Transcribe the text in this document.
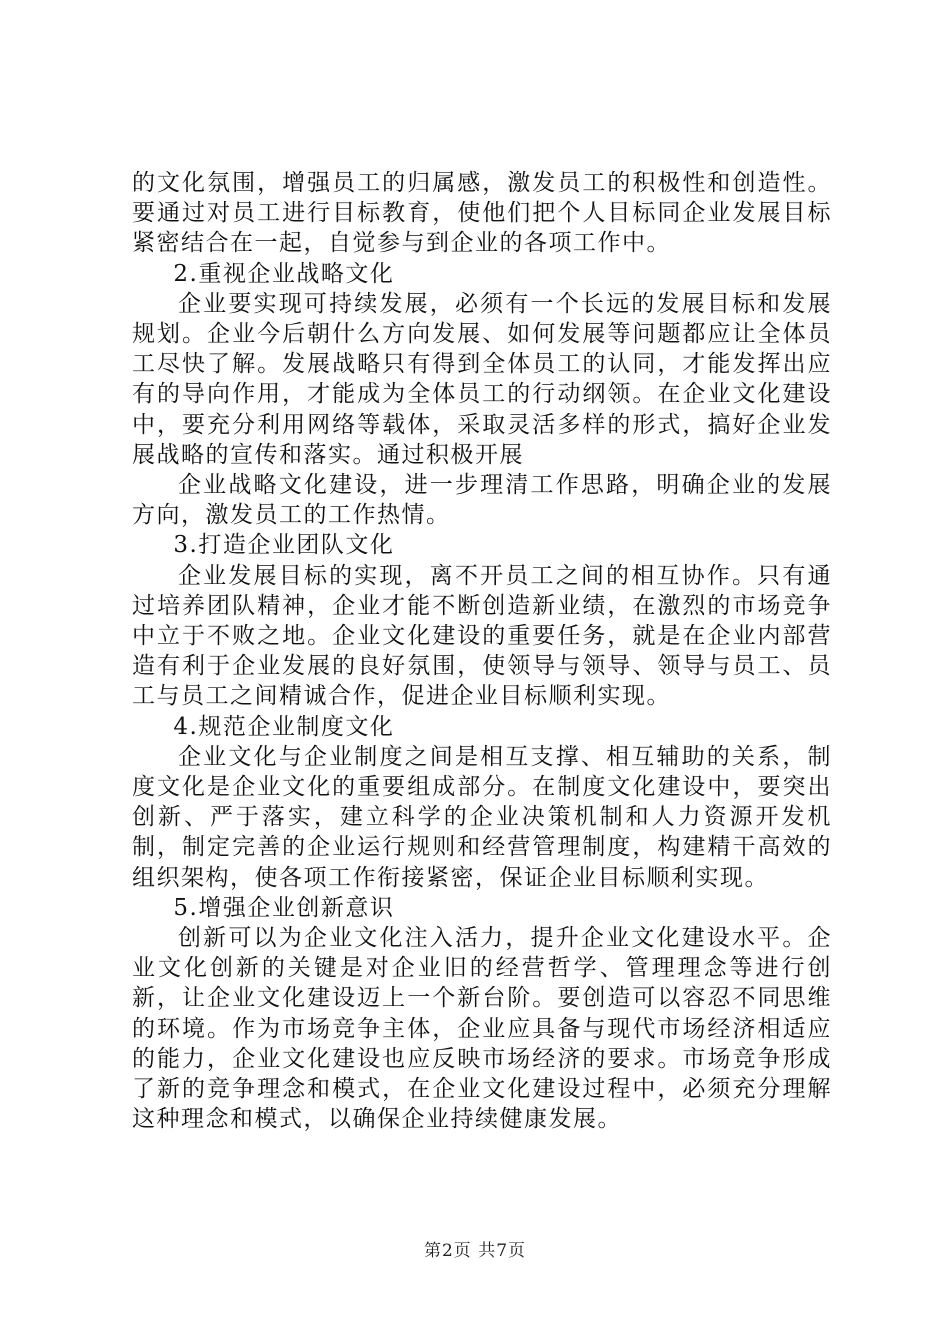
的文化氛围，增强员工的归属感，激发员工的积极性和创造性。要通过对员工进行目标教育，使他们把个人目标同企业发展目标紧密结合在一起，自觉参与到企业的各项工作中。

2.重视企业战略文化

企业要实现可持续发展，必须有一个长远的发展目标和发展规划。企业今后朝什么方向发展、如何发展等问题都应让全体员工尽快了解。发展战略只有得到全体员工的认同，才能发挥出应有的导向作用，才能成为全体员工的行动纲领。在企业文化建设中，要充分利用网络等载体，采取灵活多样的形式，搞好企业发展战略的宣传和落实。通过积极开展

企业战略文化建设，进一步理清工作思路，明确企业的发展方向，激发员工的工作热情。

3.打造企业团队文化

企业发展目标的实现，离不开员工之间的相互协作。只有通过培养团队精神，企业才能不断创造新业绩，在激烈的市场竞争中立于不败之地。企业文化建设的重要任务，就是在企业内部营造有利于企业发展的良好氛围，使领导与领导、领导与员工、员工与员工之间精诚合作，促进企业目标顺利实现。

4.规范企业制度文化

企业文化与企业制度之间是相互支撑、相互辅助的关系，制度文化是企业文化的重要组成部分。在制度文化建设中，要突出创新、严于落实，建立科学的企业决策机制和人力资源开发机制，制定完善的企业运行规则和经营管理制度，构建精干高效的组织架构，使各项工作衔接紧密，保证企业目标顺利实现。

5.增强企业创新意识

创新可以为企业文化注入活力，提升企业文化建设水平。企业文化创新的关键是对企业旧的经营哲学、管理理念等进行创新，让企业文化建设迈上一个新台阶。要创造可以容忍不同思维的环境。作为市场竞争主体，企业应具备与现代市场经济相适应的能力，企业文化建设也应反映市场经济的要求。市场竞争形成了新的竞争理念和模式，在企业文化建设过程中，必须充分理解这种理念和模式，以确保企业持续健康发展。

第2页 共7页
